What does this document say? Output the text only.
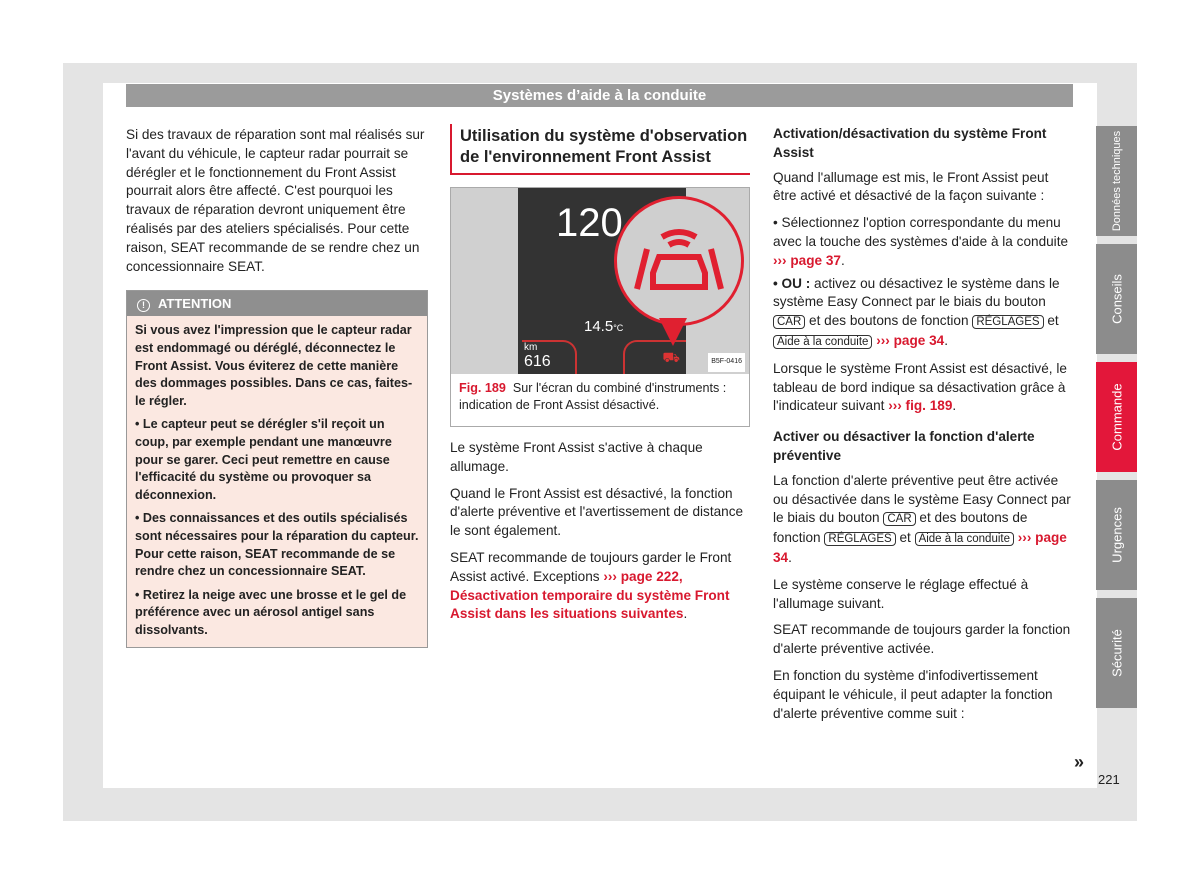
Systèmes d’aide à la conduite

Si des travaux de réparation sont mal réalisés sur l'avant du véhicule, le capteur radar pourrait se dérégler et le fonctionnement du Front Assist pourrait alors être affecté. C'est pourquoi les travaux de réparation devront uniquement être réalisés par des ateliers spécialisés. Pour cette raison, SEAT recommande de se rendre chez un concessionnaire SEAT.

! ATTENTION

Si vous avez l'impression que le capteur radar est endommagé ou déréglé, déconnectez le Front Assist. Vous éviterez de cette manière des dommages possibles. Dans ce cas, faites-le régler.

• Le capteur peut se dérégler s'il reçoit un coup, par exemple pendant une manœuvre pour se garer. Ceci peut remettre en cause l'efficacité du système ou provoquer sa déconnexion.

• Des connaissances et des outils spécialisés sont nécessaires pour la réparation du capteur. Pour cette raison, SEAT recommande de se rendre chez un concessionnaire SEAT.

• Retirez la neige avec une brosse et le gel de préférence avec un aérosol antigel sans dissolvants.

Utilisation du système d'observation de l'environnement Front Assist
120
14.5°C
km
616	⛟	B5F-0416
Fig. 189 Sur l'écran du combiné d'instruments : indication de Front Assist désactivé.

Le système Front Assist s'active à chaque allumage.

Quand le Front Assist est désactivé, la fonction d'alerte préventive et l'avertissement de distance le sont également.

SEAT recommande de toujours garder le Front Assist activé. Exceptions ››› page 222, Désactivation temporaire du système Front Assist dans les situations suivantes.

Activation/désactivation du système Front Assist

Quand l'allumage est mis, le Front Assist peut être activé et désactivé de la façon suivante :

• Sélectionnez l'option correspondante du menu avec la touche des systèmes d'aide à la conduite ››› page 37.

• OU : activez ou désactivez le système dans le système Easy Connect par le biais du bouton CAR et des boutons de fonction RÉGLAGES et Aide à la conduite ››› page 34.

Lorsque le système Front Assist est désactivé, le tableau de bord indique sa désactivation grâce à l'indicateur suivant ››› fig. 189.

Activer ou désactiver la fonction d'alerte préventive

La fonction d'alerte préventive peut être activée ou désactivée dans le système Easy Connect par le biais du bouton CAR et des boutons de fonction RÉGLAGES et Aide à la conduite ››› page 34.

Le système conserve le réglage effectué à l'allumage suivant.

SEAT recommande de toujours garder la fonction d'alerte préventive activée.

En fonction du système d'infodivertissement équipant le véhicule, il peut adapter la fonction d'alerte préventive comme suit :

Données techniques
Conseils
Commande
Urgences
Sécurité
»
221
